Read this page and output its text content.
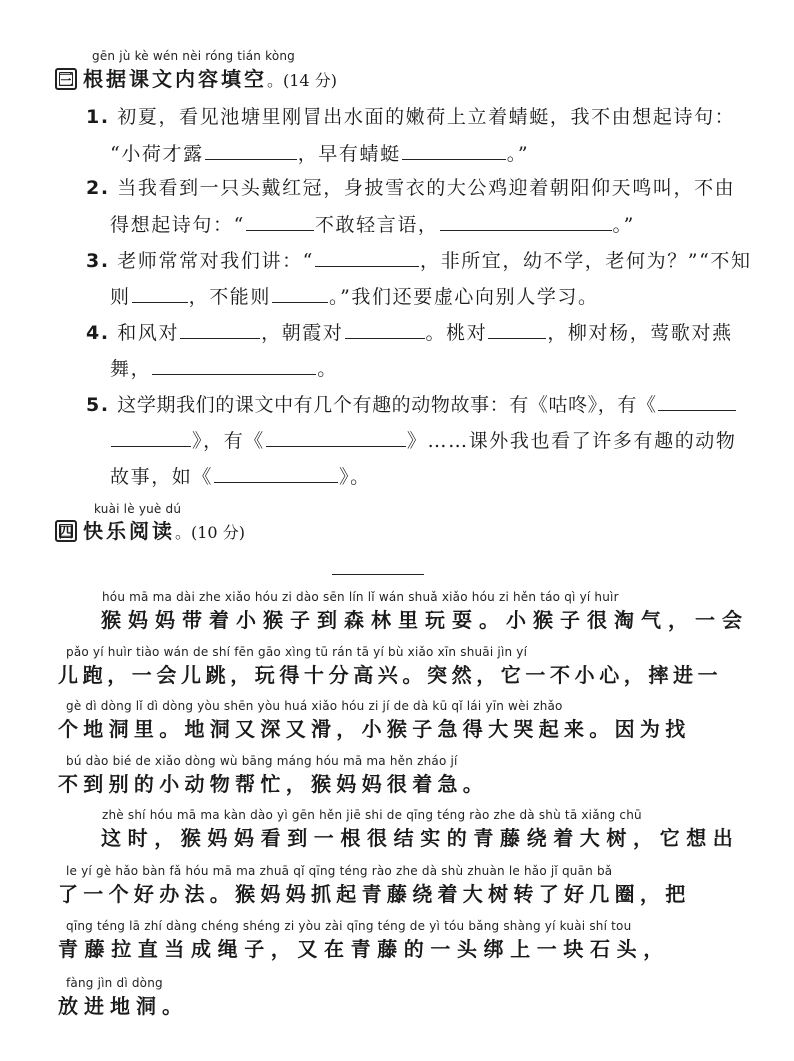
gēn jù kè wén nèi róng tián kòng
三 根据课文内容填空。(14 分)
1. 初夏，看见池塘里刚冒出水面的嫩荷上立着蜻蜓，我不由想起诗句：
“小荷才露	，早有蜻蜓	。”
2. 当我看到一只头戴红冠，身披雪衣的大公鸡迎着朝阳仰天鸣叫，不由
得想起诗句：“	不敢轻言语，	。”
3. 老师常常对我们讲：“	，非所宜，幼不学，老何为？”“不知
则	，不能则	。”我们还要虚心向别人学习。
4. 和风对	，朝霞对	。桃对	，柳对杨，莺歌对燕
舞，	。
5. 这学期我们的课文中有几个有趣的动物故事：有《咕咚》，有《
》，有《	》……课外我也看了许多有趣的动物
故事，如《	》。
kuài lè yuè dú
四 快乐阅读。(10 分)
hóu mā ma dài zhe xiǎo hóu zi dào sēn lín lǐ wán shuǎ xiǎo hóu zi hěn táo qì yí huìr
猴妈妈带着小猴子到森林里玩耍。小猴子很淘气，一会
pǎo yí huìr tiào wán de shí fēn gāo xìng tū rán tā yí bù xiǎo xīn shuāi jìn yí
儿跑，一会儿跳，玩得十分高兴。突然，它一不小心，摔进一
gè dì dòng lǐ dì dòng yòu shēn yòu huá xiǎo hóu zi jí de dà kū qǐ lái yīn wèi zhǎo
个地洞里。地洞又深又滑，小猴子急得大哭起来。因为找
bú dào bié de xiǎo dòng wù bāng máng hóu mā ma hěn zháo jí
不到别的小动物帮忙，猴妈妈很着急。
zhè shí hóu mā ma kàn dào yì gēn hěn jiē shi de qīng téng rào zhe dà shù tā xiǎng chū
这时，猴妈妈看到一根很结实的青藤绕着大树，它想出
le yí gè hǎo bàn fǎ hóu mā ma zhuā qǐ qīng téng rào zhe dà shù zhuàn le hǎo jǐ quān bǎ
了一个好办法。猴妈妈抓起青藤绕着大树转了好几圈，把
qīng téng lā zhí dàng chéng shéng zi yòu zài qīng téng de yì tóu bǎng shàng yí kuài shí tou
青藤拉直当成绳子，又在青藤的一头绑上一块石头，
fàng jìn dì dòng
放进地洞。
